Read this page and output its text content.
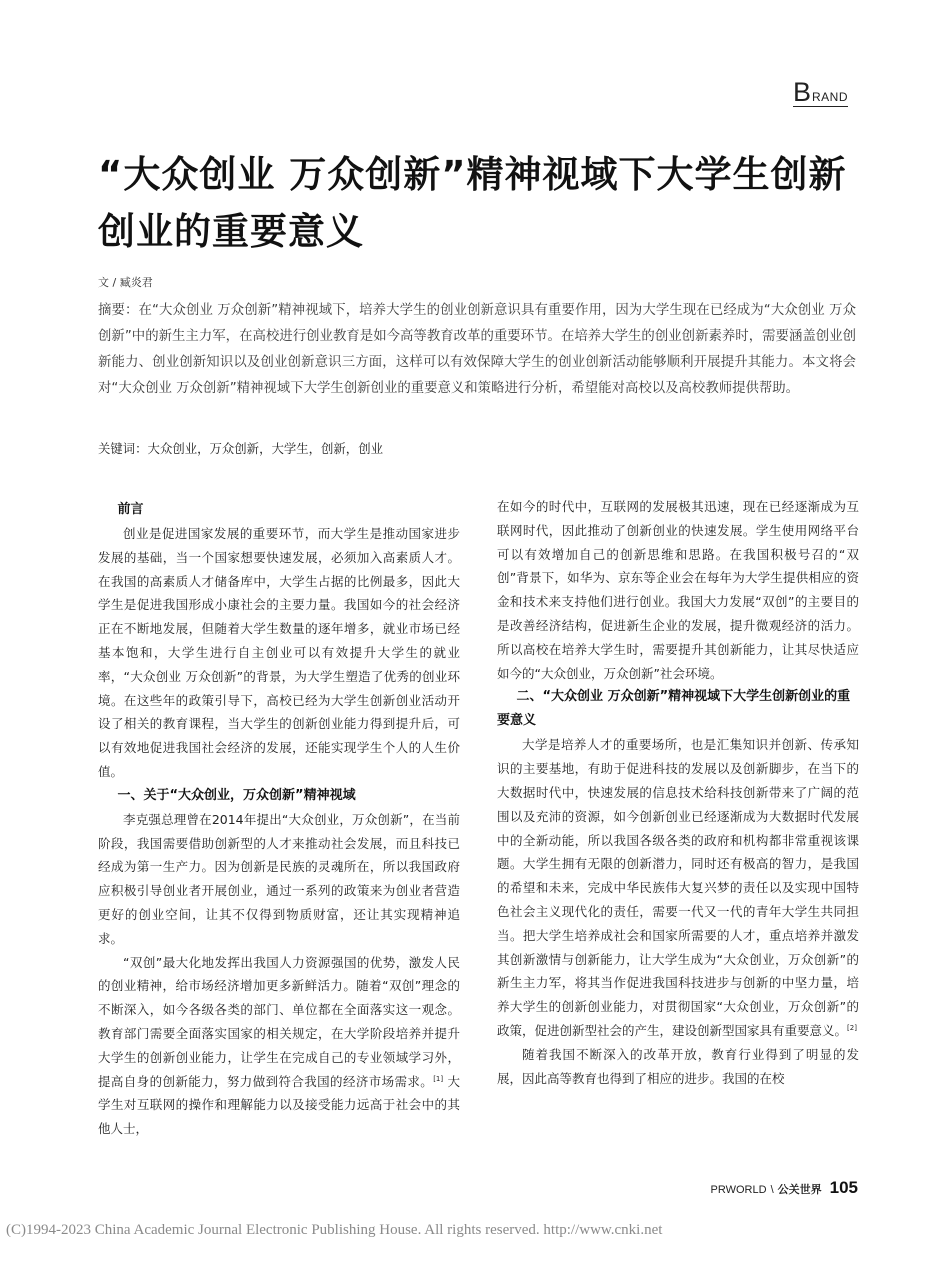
B RAND
“大众创业 万众创新”精神视域下大学生创新创业的重要意义
文 / 臧炎君

摘要：在“大众创业 万众创新”精神视域下，培养大学生的创业创新意识具有重要作用，因为大学生现在已经成为“大众创业 万众创新”中的新生主力军，在高校进行创业教育是如今高等教育改革的重要环节。在培养大学生的创业创新素养时，需要涵盖创业创新能力、创业创新知识以及创业创新意识三方面，这样可以有效保障大学生的创业创新活动能够顺利开展提升其能力。本文将会对“大众创业 万众创新”精神视域下大学生创新创业的重要意义和策略进行分析，希望能对高校以及高校教师提供帮助。

关键词：大众创业，万众创新，大学生，创新，创业
前言

创业是促进国家发展的重要环节，而大学生是推动国家进步发展的基础，当一个国家想要快速发展，必须加入高素质人才。在我国的高素质人才储备库中，大学生占据的比例最多，因此大学生是促进我国形成小康社会的主要力量。我国如今的社会经济正在不断地发展，但随着大学生数量的逐年增多，就业市场已经基本饱和，大学生进行自主创业可以有效提升大学生的就业率，“大众创业 万众创新”的背景，为大学生塑造了优秀的创业环境。在这些年的政策引导下，高校已经为大学生创新创业活动开设了相关的教育课程，当大学生的创新创业能力得到提升后，可以有效地促进我国社会经济的发展，还能实现学生个人的人生价值。

一、关于“大众创业，万众创新”精神视域

李克强总理曾在2014年提出“大众创业，万众创新”，在当前阶段，我国需要借助创新型的人才来推动社会发展，而且科技已经成为第一生产力。因为创新是民族的灵魂所在，所以我国政府应积极引导创业者开展创业，通过一系列的政策来为创业者营造更好的创业空间，让其不仅得到物质财富，还让其实现精神追求。

“双创”最大化地发挥出我国人力资源强国的优势，激发人民的创业精神，给市场经济增加更多新鲜活力。随着“双创”理念的不断深入，如今各级各类的部门、单位都在全面落实这一观念。教育部门需要全面落实国家的相关规定，在大学阶段培养并提升大学生的创新创业能力，让学生在完成自己的专业领域学习外，提高自身的创新能力，努力做到符合我国的经济市场需求。[1] 大学生对互联网的操作和理解能力以及接受能力远高于社会中的其他人士，

在如今的时代中，互联网的发展极其迅速，现在已经逐渐成为互联网时代，因此推动了创新创业的快速发展。学生使用网络平台可以有效增加自己的创新思维和思路。在我国积极号召的“双创”背景下，如华为、京东等企业会在每年为大学生提供相应的资金和技术来支持他们进行创业。我国大力发展“双创”的主要目的是改善经济结构，促进新生企业的发展，提升微观经济的活力。所以高校在培养大学生时，需要提升其创新能力，让其尽快适应如今的“大众创业，万众创新”社会环境。

二、“大众创业 万众创新”精神视域下大学生创新创业的重要意义

大学是培养人才的重要场所，也是汇集知识并创新、传承知识的主要基地，有助于促进科技的发展以及创新脚步，在当下的大数据时代中，快速发展的信息技术给科技创新带来了广阔的范围以及充沛的资源，如今创新创业已经逐渐成为大数据时代发展中的全新动能，所以我国各级各类的政府和机构都非常重视该课题。大学生拥有无限的创新潜力，同时还有极高的智力，是我国的希望和未来，完成中华民族伟大复兴梦的责任以及实现中国特色社会主义现代化的责任，需要一代又一代的青年大学生共同担当。把大学生培养成社会和国家所需要的人才，重点培养并激发其创新激情与创新能力，让大学生成为“大众创业，万众创新”的新生主力军，将其当作促进我国科技进步与创新的中坚力量，培养大学生的创新创业能力，对贯彻国家“大众创业，万众创新”的政策，促进创新型社会的产生，建设创新型国家具有重要意义。[2]

随着我国不断深入的改革开放，教育行业得到了明显的发展，因此高等教育也得到了相应的进步。我国的在校

PRWORLD \ 公关世界 105
(C)1994-2023 China Academic Journal Electronic Publishing House. All rights reserved. http://www.cnki.net
